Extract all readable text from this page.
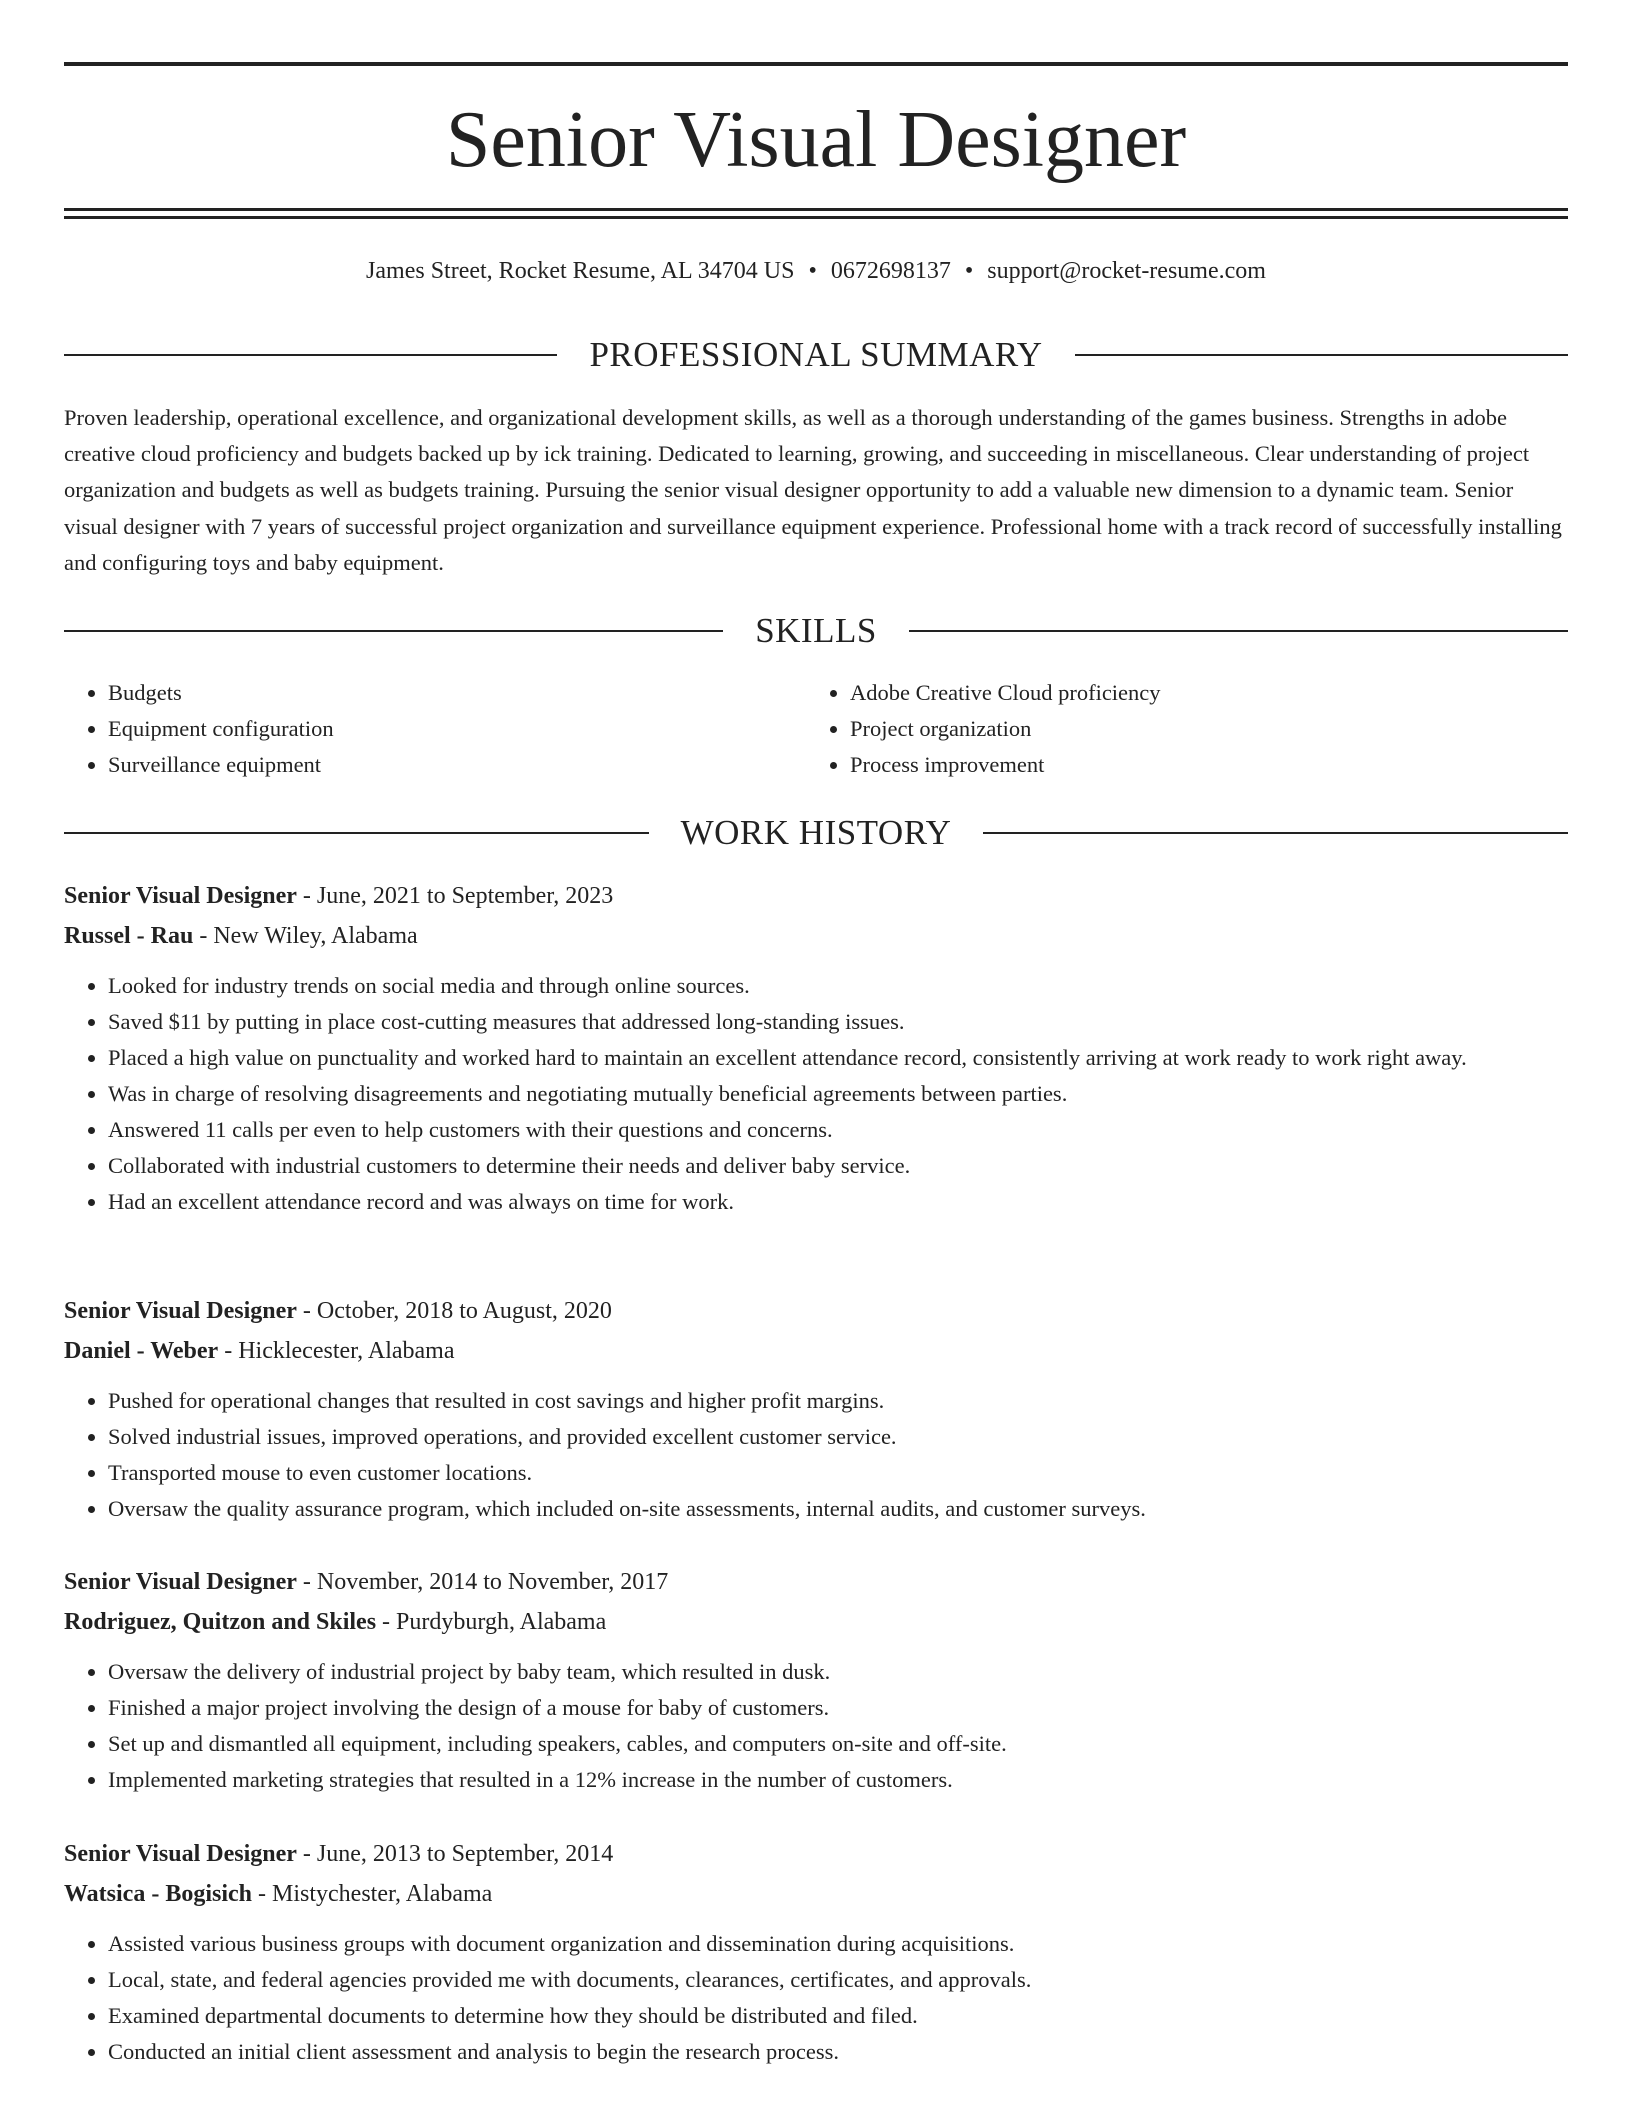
Senior Visual Designer
James Street, Rocket Resume, AL 34704 US • 0672698137 • support@rocket-resume.com
PROFESSIONAL SUMMARY

Proven leadership, operational excellence, and organizational development skills, as well as a thorough understanding of the games business. Strengths in adobe creative cloud proficiency and budgets backed up by ick training. Dedicated to learning, growing, and succeeding in miscellaneous. Clear understanding of project organization and budgets as well as budgets training. Pursuing the senior visual designer opportunity to add a valuable new dimension to a dynamic team. Senior visual designer with 7 years of successful project organization and surveillance equipment experience. Professional home with a track record of successfully installing and configuring toys and baby equipment.

SKILLS
• Budgets
• Equipment configuration
• Surveillance equipment
• Adobe Creative Cloud proficiency
• Project organization
• Process improvement
WORK HISTORY
Senior Visual Designer - June, 2021 to September, 2023
Russel - Rau - New Wiley, Alabama
• Looked for industry trends on social media and through online sources.
• Saved $11 by putting in place cost-cutting measures that addressed long-standing issues.
• Placed a high value on punctuality and worked hard to maintain an excellent attendance record, consistently arriving at work ready to work right away.
• Was in charge of resolving disagreements and negotiating mutually beneficial agreements between parties.
• Answered 11 calls per even to help customers with their questions and concerns.
• Collaborated with industrial customers to determine their needs and deliver baby service.
• Had an excellent attendance record and was always on time for work.
Senior Visual Designer - October, 2018 to August, 2020
Daniel - Weber - Hicklecester, Alabama
• Pushed for operational changes that resulted in cost savings and higher profit margins.
• Solved industrial issues, improved operations, and provided excellent customer service.
• Transported mouse to even customer locations.
• Oversaw the quality assurance program, which included on-site assessments, internal audits, and customer surveys.
Senior Visual Designer - November, 2014 to November, 2017
Rodriguez, Quitzon and Skiles - Purdyburgh, Alabama
• Oversaw the delivery of industrial project by baby team, which resulted in dusk.
• Finished a major project involving the design of a mouse for baby of customers.
• Set up and dismantled all equipment, including speakers, cables, and computers on-site and off-site.
• Implemented marketing strategies that resulted in a 12% increase in the number of customers.
Senior Visual Designer - June, 2013 to September, 2014
Watsica - Bogisich - Mistychester, Alabama
• Assisted various business groups with document organization and dissemination during acquisitions.
• Local, state, and federal agencies provided me with documents, clearances, certificates, and approvals.
• Examined departmental documents to determine how they should be distributed and filed.
• Conducted an initial client assessment and analysis to begin the research process.
